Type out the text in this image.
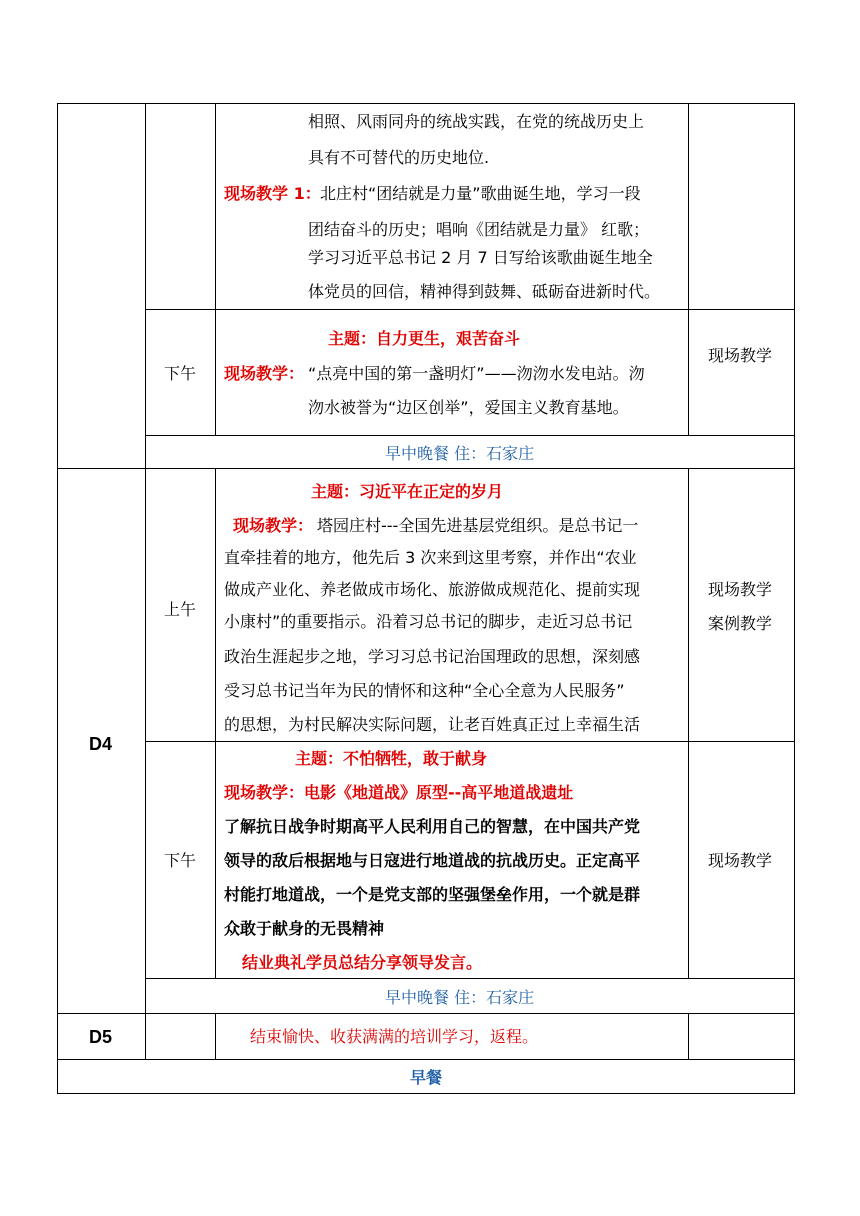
相照、风雨同舟的统战实践，在党的统战历史上
具有不可替代的历史地位.
现场教学 1： 北庄村“团结就是力量”歌曲诞生地，学习一段
团结奋斗的历史；唱响《团结就是力量》 红歌；
学习习近平总书记 2 月 7 日写给该歌曲诞生地全
体党员的回信，精神得到鼓舞、砥砺奋进新时代。
下午
主题：自力更生，艰苦奋斗
现场教学： “点亮中国的第一盏明灯”——沕沕水发电站。沕
沕水被誉为“边区创举”，爱国主义教育基地。
现场教学
早中晚餐 住：石家庄
D4
上午
主题：习近平在正定的岁月
现场教学： 塔园庄村---全国先进基层党组织。是总书记一
直牵挂着的地方，他先后 3 次来到这里考察，并作出“农业
做成产业化、养老做成市场化、旅游做成规范化、提前实现
小康村”的重要指示。沿着习总书记的脚步，走近习总书记
政治生涯起步之地，学习习总书记治国理政的思想，深刻感
受习总书记当年为民的情怀和这种“全心全意为人民服务”
的思想，为村民解决实际问题，让老百姓真正过上幸福生活
现场教学
案例教学
下午
主题：不怕牺牲，敢于献身
现场教学：电影《地道战》原型--高平地道战遗址
了解抗日战争时期高平人民利用自己的智慧，在中国共产党
领导的敌后根据地与日寇进行地道战的抗战历史。正定高平
村能打地道战，一个是党支部的坚强堡垒作用，一个就是群
众敢于献身的无畏精神
结业典礼学员总结分享领导发言。
现场教学
早中晚餐 住：石家庄
D5	结束愉快、收获满满的培训学习，返程。
早餐
